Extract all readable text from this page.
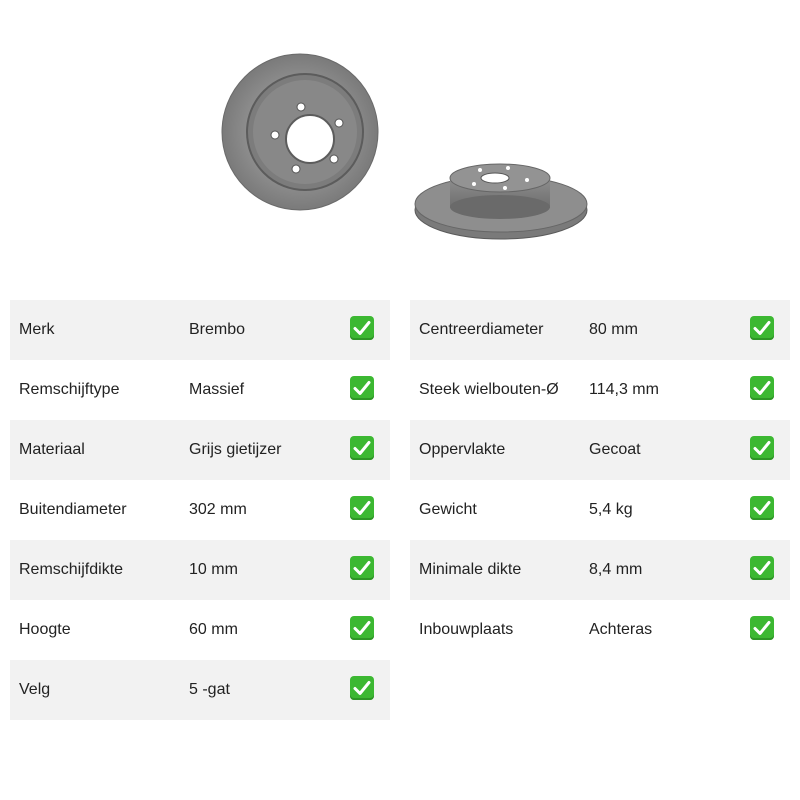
Merk	Brembo
Remschijftype	Massief
Materiaal	Grijs gietijzer
Buitendiameter	302 mm
Remschijfdikte	10 mm
Hoogte	60 mm
Velg	5 -gat
Centreerdiameter	80 mm
Steek wielbouten-Ø 114,3 mm
Oppervlakte	Gecoat
Gewicht	5,4 kg
Minimale dikte	8,4 mm
Inbouwplaats	Achteras
